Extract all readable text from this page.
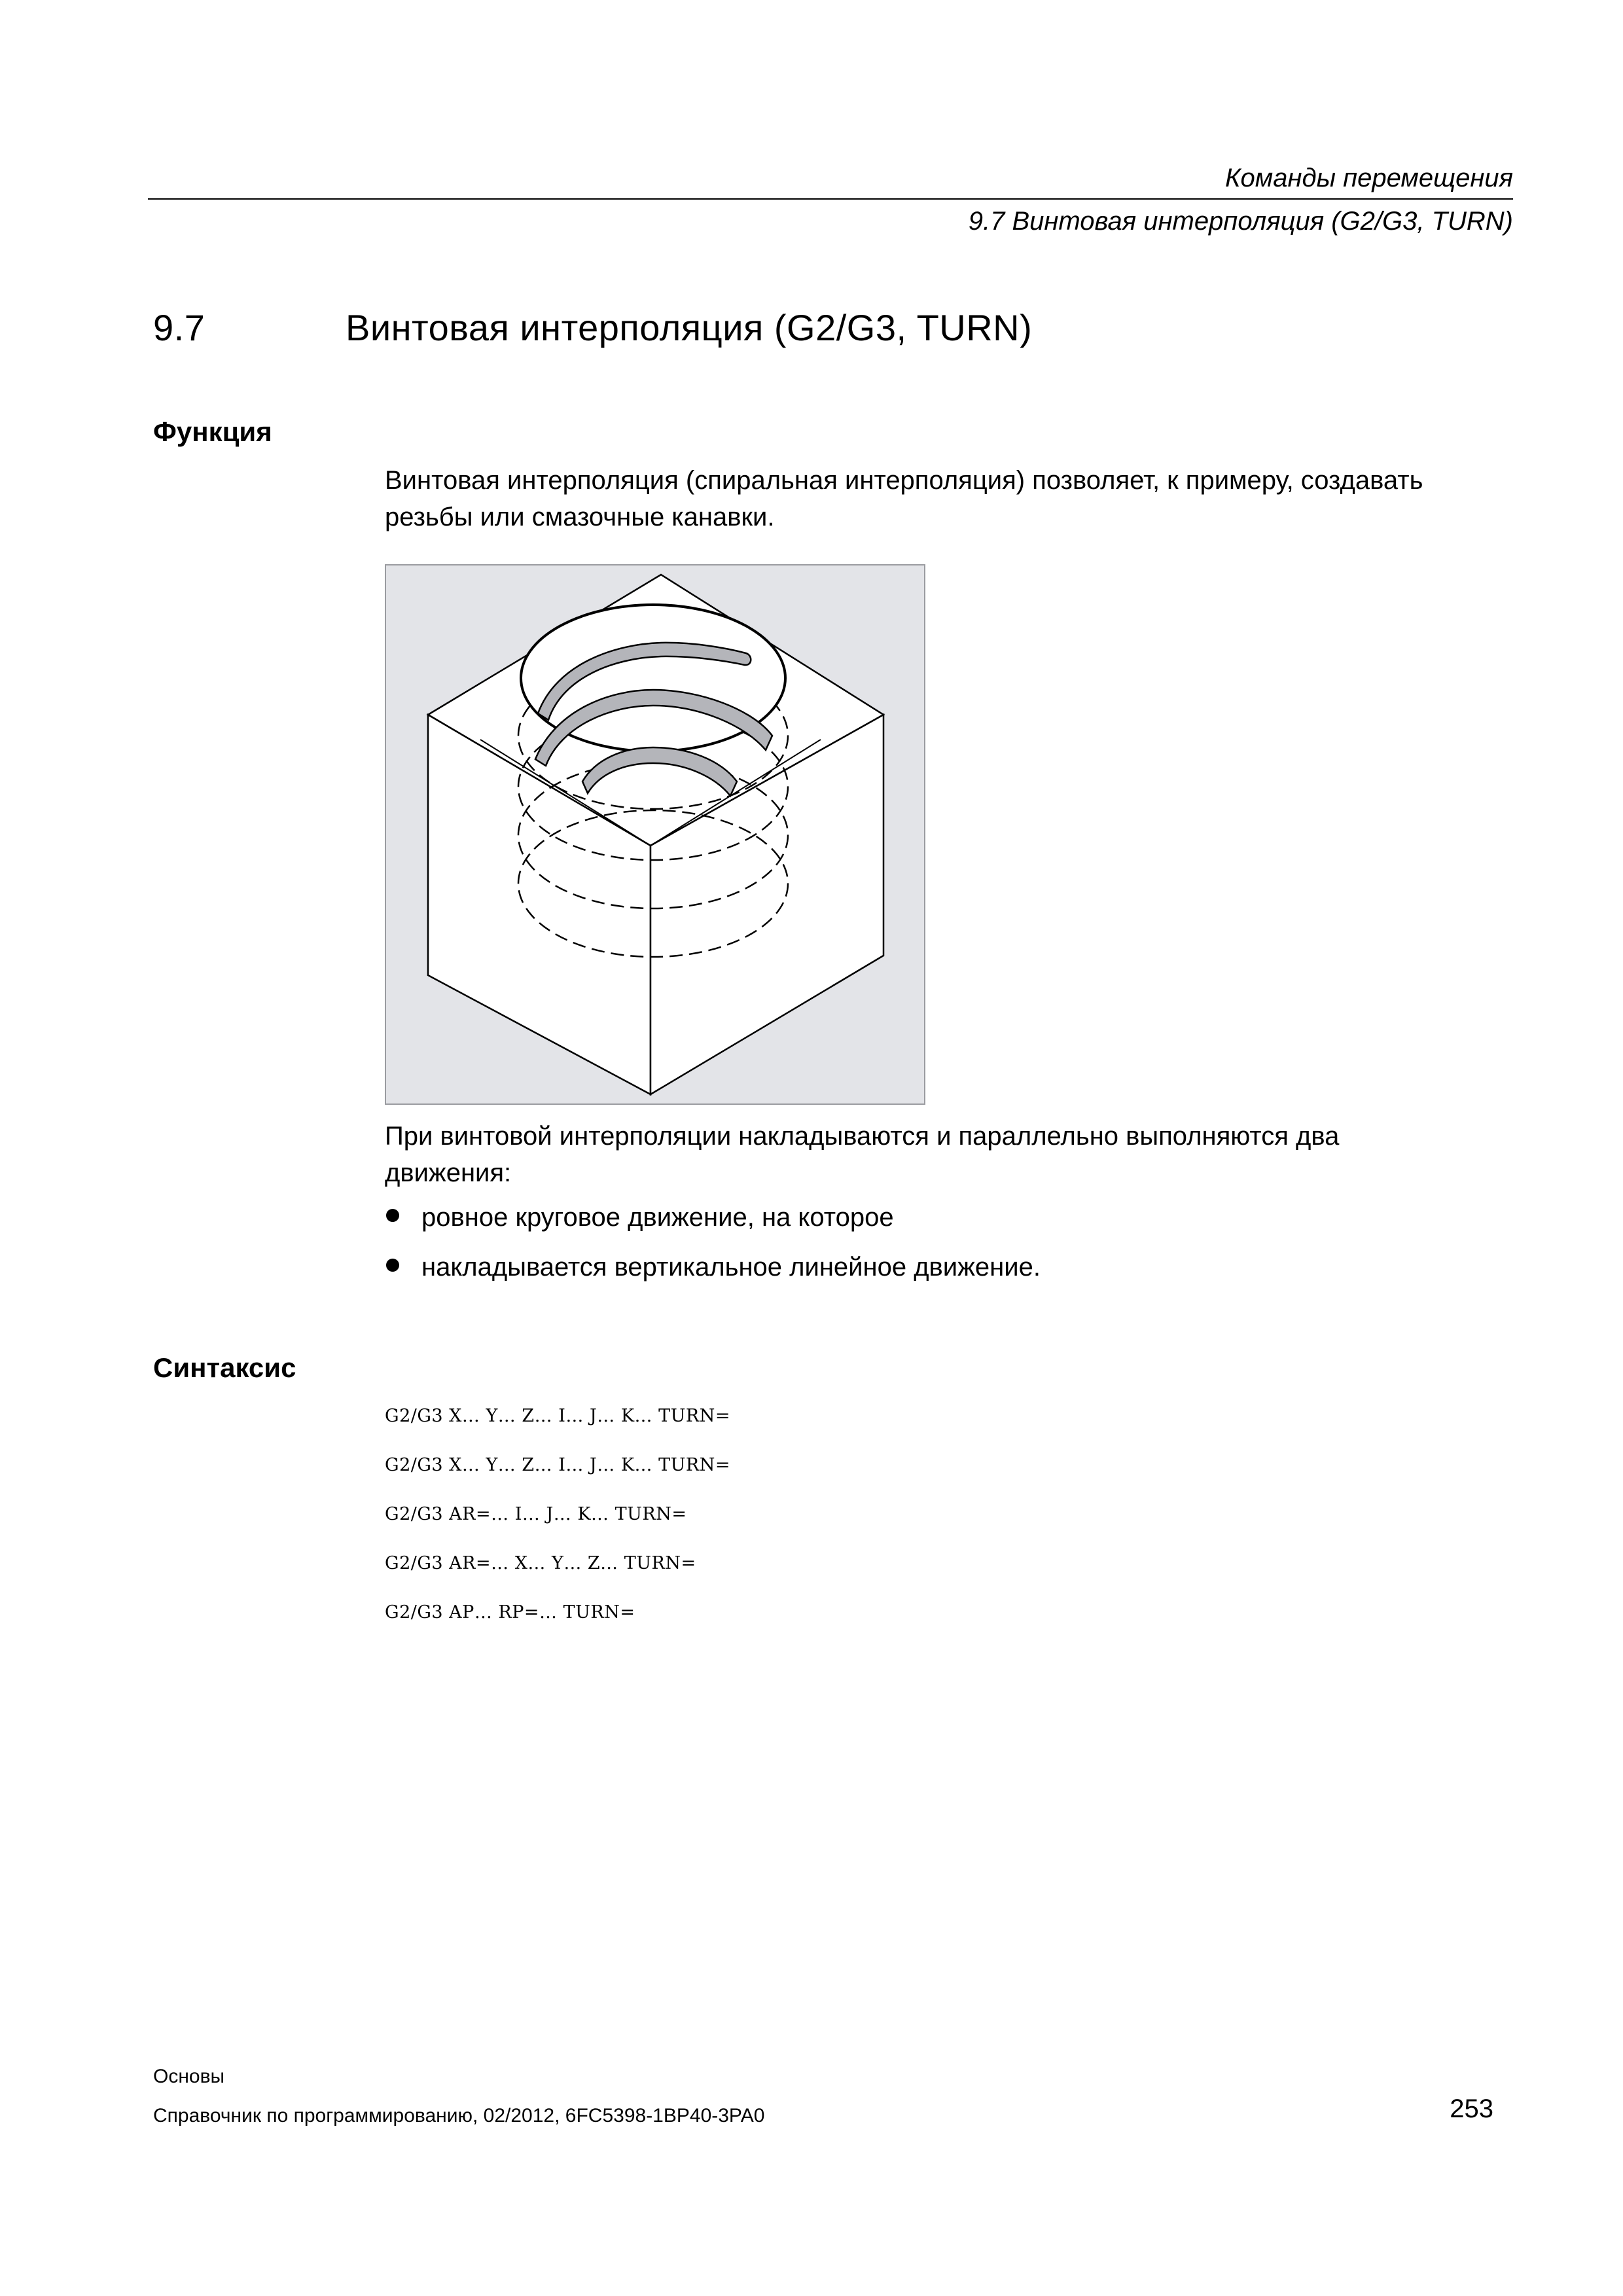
Команды перемещения
9.7 Винтовая интерполяция (G2/G3, TURN)
9.7	Винтовая интерполяция (G2/G3, TURN)
Функция
Винтовая интерполяция (спиральная интерполяция) позволяет, к примеру, создавать
резьбы или смазочные канавки.
При винтовой интерполяции накладываются и параллельно выполняются два
движения:
ровное круговое движение, на которое
накладывается вертикальное линейное движение.
Синтаксис
G2/G3 X… Y… Z… I… J… K… TURN=
G2/G3 X… Y… Z… I… J… K… TURN=
G2/G3 AR=… I… J… K… TURN=
G2/G3 AR=… X… Y… Z… TURN=
G2/G3 AP… RP=… TURN=
Основы
Справочник по программированию, 02/2012, 6FC5398-1BP40-3PA0	253
